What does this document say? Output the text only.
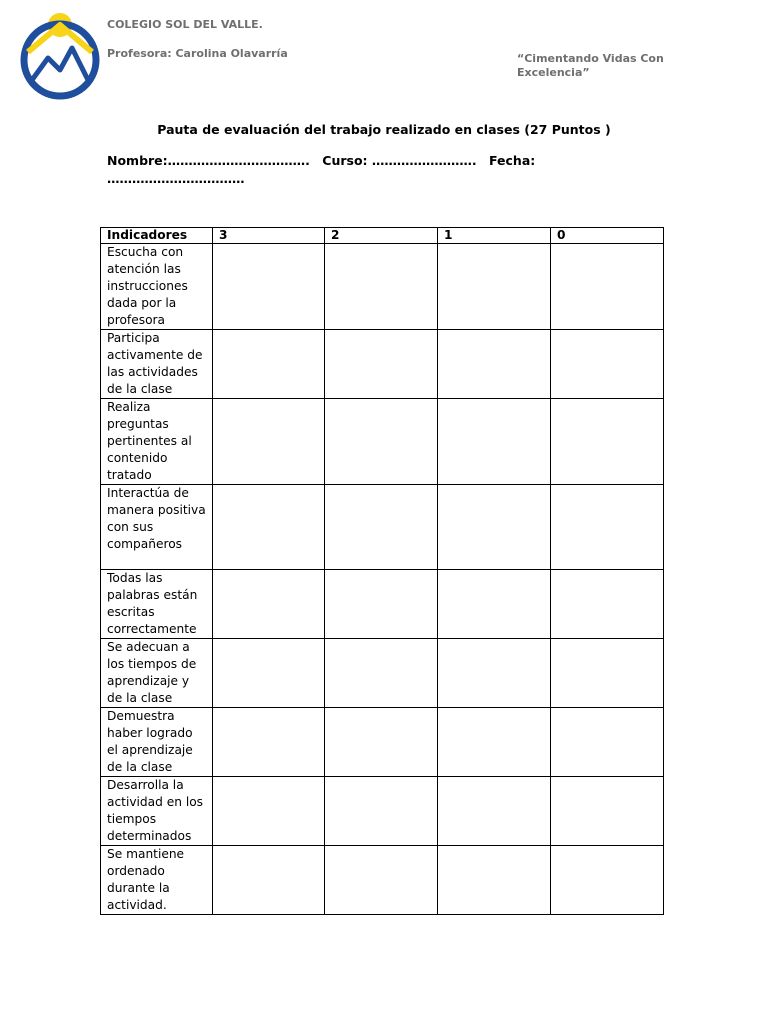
COLEGIO SOL DEL VALLE.
Profesora: Carolina Olavarría	“Cimentando Vidas Con Excelencia”
Pauta de evaluación del trabajo realizado en clases (27 Puntos )
Nombre:……………………………. Curso: ……………………. Fecha:
……………………………
Indicadores	3	2	1	0
Escucha con atención las instrucciones dada por la profesora				
Participa activamente de las actividades de la clase				
Realiza preguntas pertinentes al contenido tratado				
Interactúa de manera positiva con sus compañeros				
Todas las palabras están escritas correctamente				
Se adecuan a los tiempos de aprendizaje y de la clase				
Demuestra haber logrado el aprendizaje de la clase				
Desarrolla la actividad en los tiempos determinados				
Se mantiene ordenado durante la actividad.				
